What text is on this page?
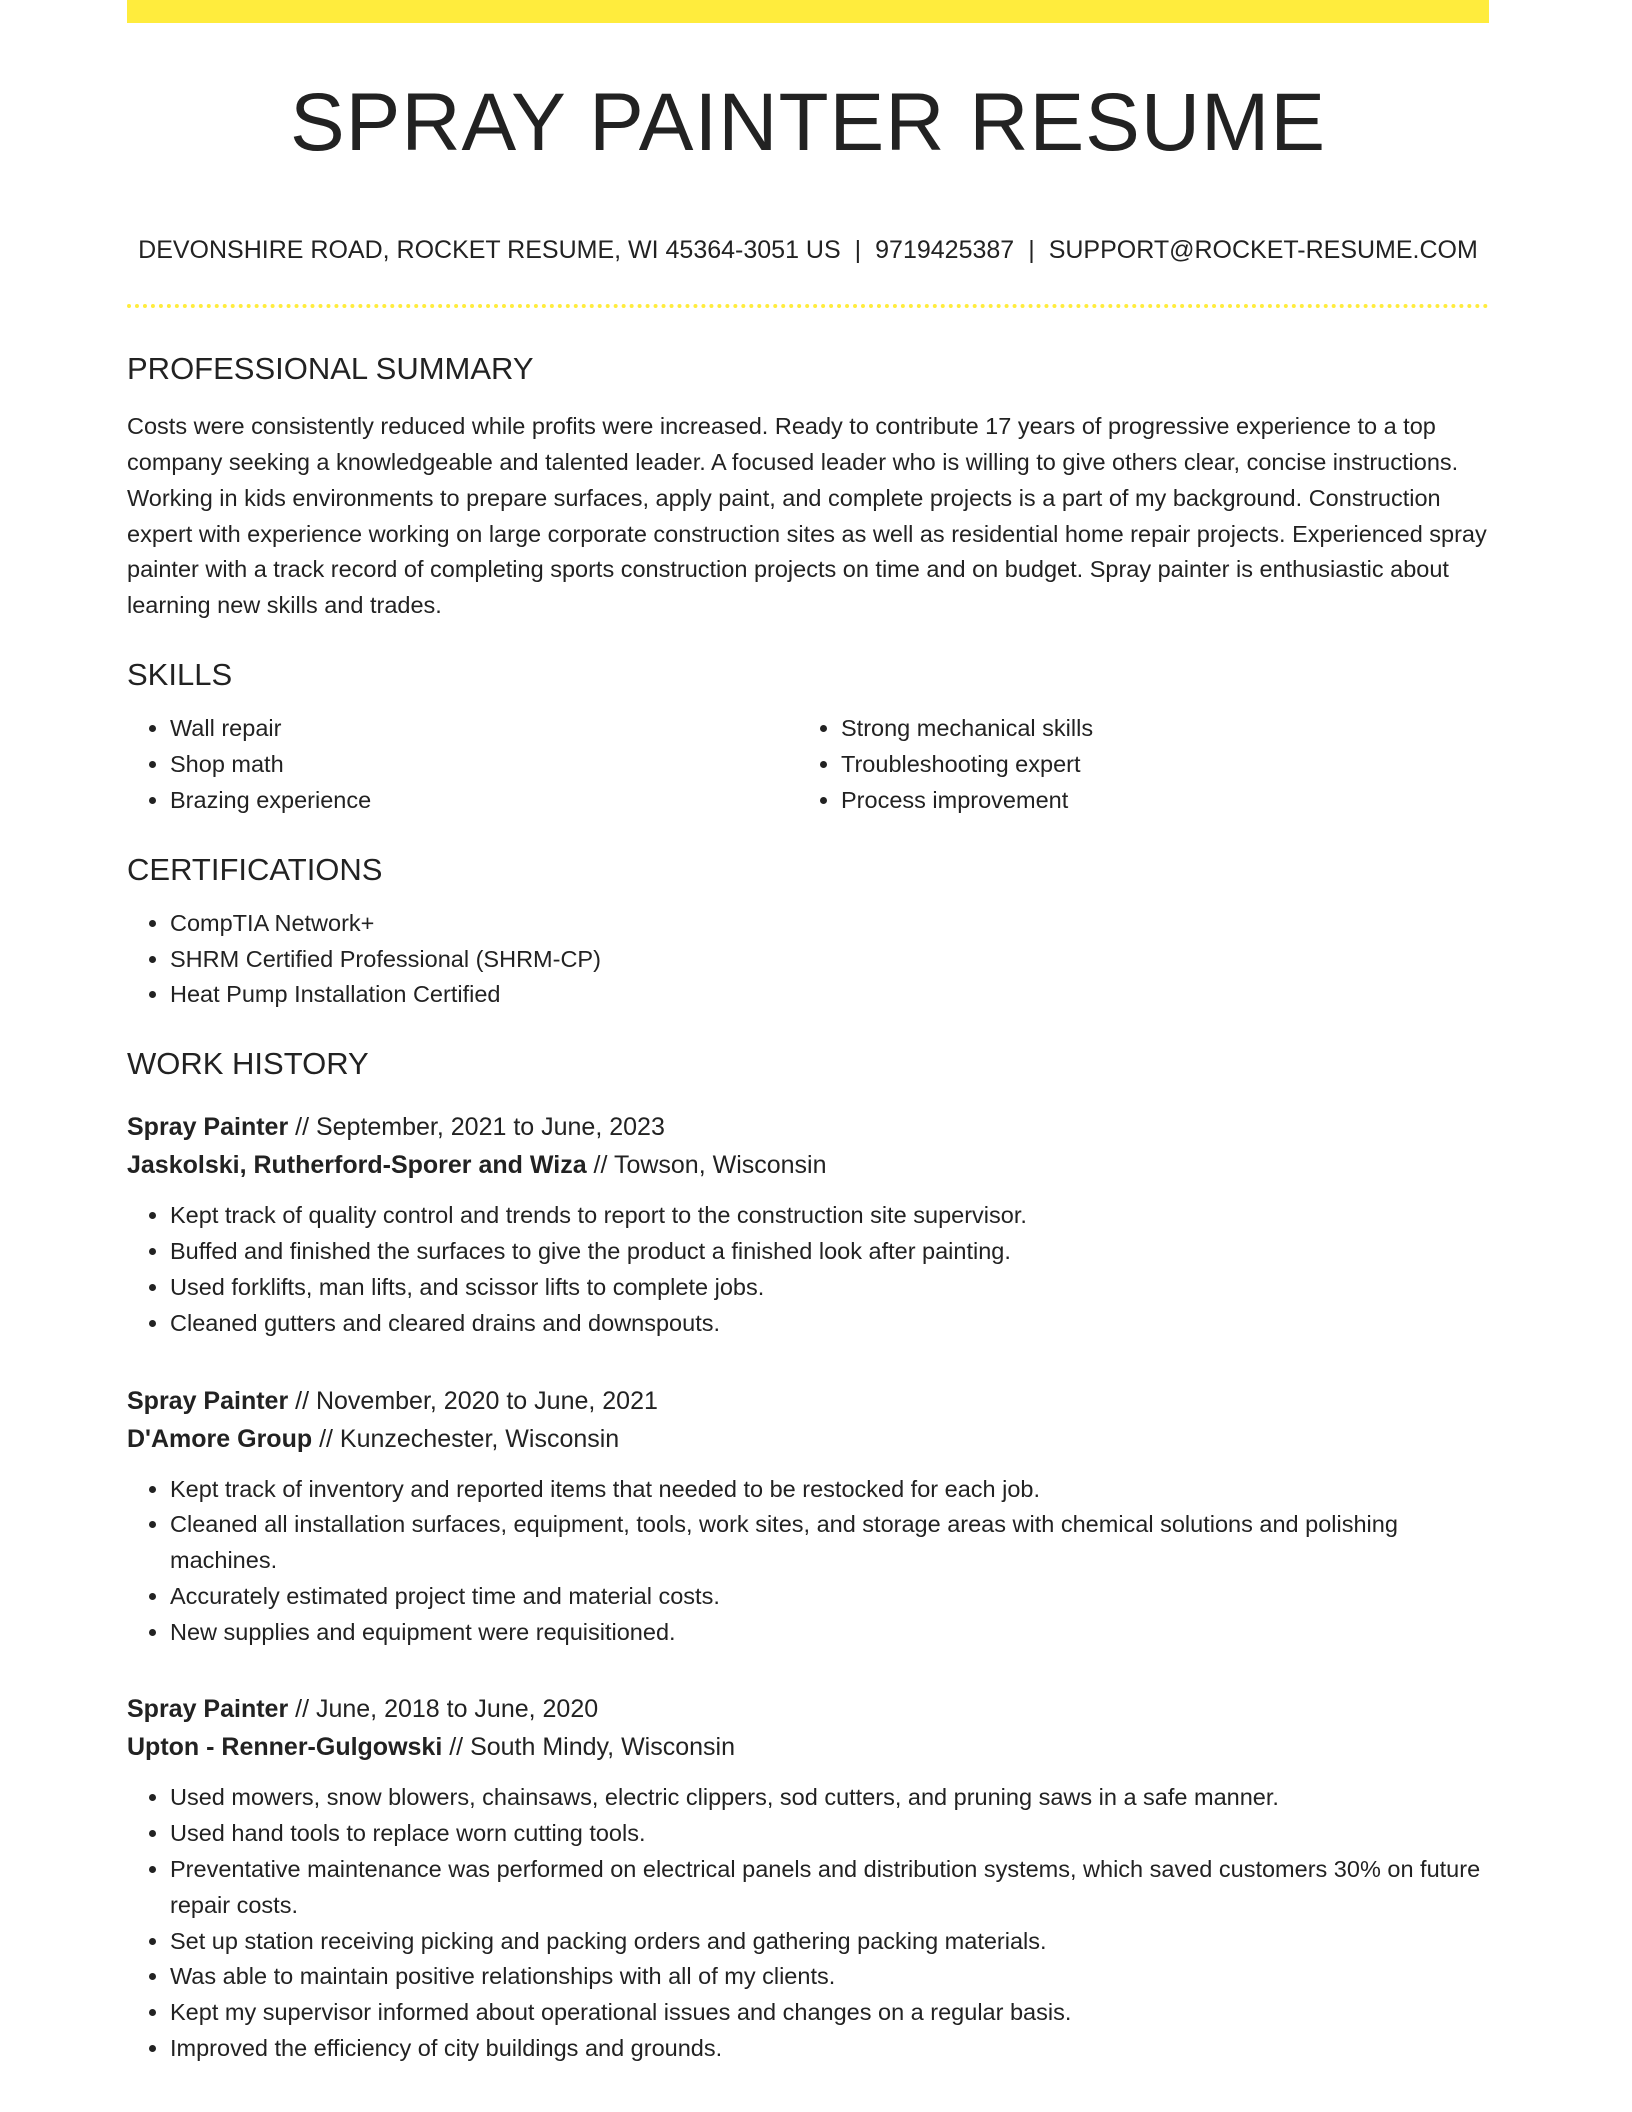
SPRAY PAINTER RESUME
DEVONSHIRE ROAD, ROCKET RESUME, WI 45364-3051 US | 9719425387 | SUPPORT@ROCKET-RESUME.COM
PROFESSIONAL SUMMARY

Costs were consistently reduced while profits were increased. Ready to contribute 17 years of progressive experience to a top company seeking a knowledgeable and talented leader. A focused leader who is willing to give others clear, concise instructions. Working in kids environments to prepare surfaces, apply paint, and complete projects is a part of my background. Construction expert with experience working on large corporate construction sites as well as residential home repair projects. Experienced spray painter with a track record of completing sports construction projects on time and on budget. Spray painter is enthusiastic about learning new skills and trades.

SKILLS
• Wall repair
• Shop math
• Brazing experience
• Strong mechanical skills
• Troubleshooting expert
• Process improvement
CERTIFICATIONS
• CompTIA Network+
• SHRM Certified Professional (SHRM-CP)
• Heat Pump Installation Certified
WORK HISTORY
Spray Painter // September, 2021 to June, 2023
Jaskolski, Rutherford-Sporer and Wiza // Towson, Wisconsin
• Kept track of quality control and trends to report to the construction site supervisor.
• Buffed and finished the surfaces to give the product a finished look after painting.
• Used forklifts, man lifts, and scissor lifts to complete jobs.
• Cleaned gutters and cleared drains and downspouts.
Spray Painter // November, 2020 to June, 2021
D'Amore Group // Kunzechester, Wisconsin
• Kept track of inventory and reported items that needed to be restocked for each job.
• Cleaned all installation surfaces, equipment, tools, work sites, and storage areas with chemical solutions and polishing machines.
• Accurately estimated project time and material costs.
• New supplies and equipment were requisitioned.
Spray Painter // June, 2018 to June, 2020
Upton - Renner-Gulgowski // South Mindy, Wisconsin
• Used mowers, snow blowers, chainsaws, electric clippers, sod cutters, and pruning saws in a safe manner.
• Used hand tools to replace worn cutting tools.
• Preventative maintenance was performed on electrical panels and distribution systems, which saved customers 30% on future repair costs.
• Set up station receiving picking and packing orders and gathering packing materials.
• Was able to maintain positive relationships with all of my clients.
• Kept my supervisor informed about operational issues and changes on a regular basis.
• Improved the efficiency of city buildings and grounds.
